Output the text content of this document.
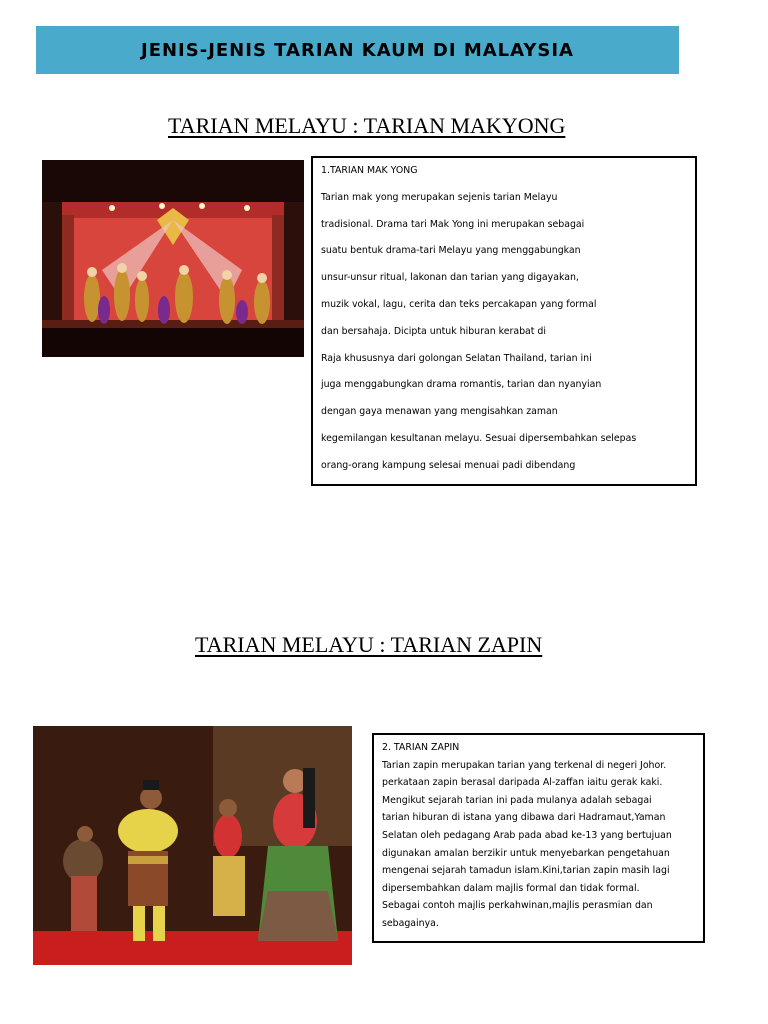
JENIS-JENIS TARIAN KAUM DI MALAYSIA
TARIAN MELAYU : TARIAN MAKYONG
1.TARIAN MAK YONG
Tarian mak yong merupakan sejenis tarian Melayu
tradisional. Drama tari Mak Yong ini merupakan sebagai
suatu bentuk drama-tari Melayu yang menggabungkan
unsur-unsur ritual, lakonan dan tarian yang digayakan,
muzik vokal, lagu, cerita dan teks percakapan yang formal
dan bersahaja. Dicipta untuk hiburan kerabat di
Raja khususnya dari golongan Selatan Thailand, tarian ini
juga menggabungkan drama romantis, tarian dan nyanyian
dengan gaya menawan yang mengisahkan zaman
kegemilangan kesultanan melayu. Sesuai dipersembahkan selepas
orang-orang kampung selesai menuai padi dibendang
TARIAN MELAYU : TARIAN ZAPIN
2. TARIAN ZAPIN
Tarian zapin merupakan tarian yang terkenal di negeri Johor.
perkataan zapin berasal daripada Al-zaffan iaitu gerak kaki.
Mengikut sejarah tarian ini pada mulanya adalah sebagai
tarian hiburan di istana yang dibawa dari Hadramaut,Yaman
Selatan oleh pedagang Arab pada abad ke-13 yang bertujuan
digunakan amalan berzikir untuk menyebarkan pengetahuan
mengenai sejarah tamadun islam.Kini,tarian zapin masih lagi
dipersembahkan dalam majlis formal dan tidak formal.
Sebagai contoh majlis perkahwinan,majlis perasmian dan
sebagainya.
